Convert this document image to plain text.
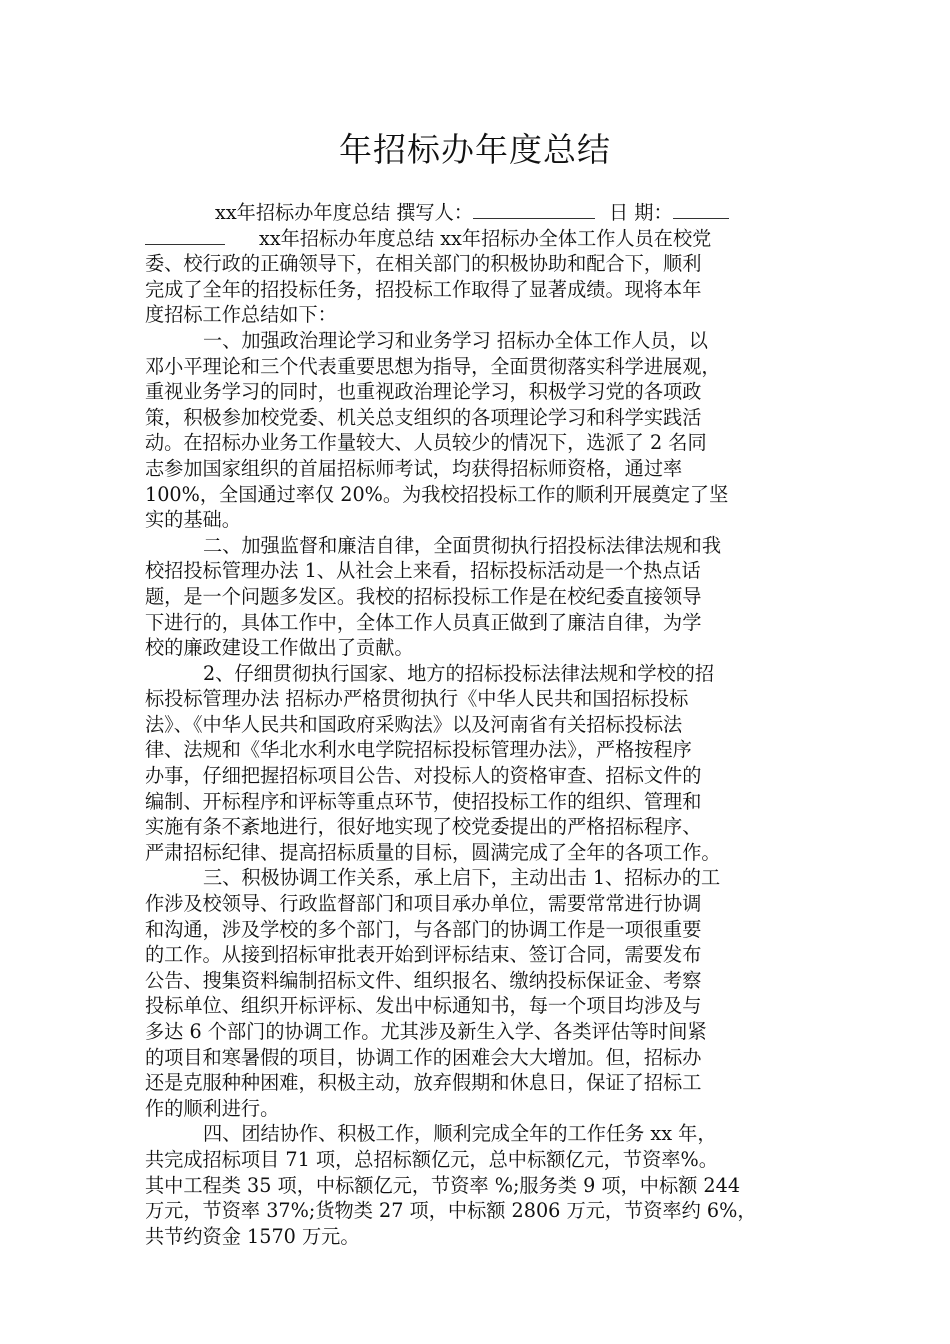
年招标办年度总结
xx年招标办年度总结 撰写人：	日 期：
xx年招标办年度总结 xx年招标办全体工作人员在校党
委、校行政的正确领导下，在相关部门的积极协助和配合下，顺利
完成了全年的招投标任务，招投标工作取得了显著成绩。现将本年
度招标工作总结如下：
一、加强政治理论学习和业务学习 招标办全体工作人员，以
邓小平理论和三个代表重要思想为指导，全面贯彻落实科学进展观，
重视业务学习的同时，也重视政治理论学习，积极学习党的各项政
策，积极参加校党委、机关总支组织的各项理论学习和科学实践活
动。在招标办业务工作量较大、人员较少的情况下，选派了 2 名同
志参加国家组织的首届招标师考试，均获得招标师资格，通过率
100%，全国通过率仅 20%。为我校招投标工作的顺利开展奠定了坚
实的基础。
二、加强监督和廉洁自律，全面贯彻执行招投标法律法规和我
校招投标管理办法 1、从社会上来看，招标投标活动是一个热点话
题，是一个问题多发区。我校的招标投标工作是在校纪委直接领导
下进行的，具体工作中，全体工作人员真正做到了廉洁自律，为学
校的廉政建设工作做出了贡献。
2、仔细贯彻执行国家、地方的招标投标法律法规和学校的招
标投标管理办法 招标办严格贯彻执行《中华人民共和国招标投标
法》、《中华人民共和国政府采购法》以及河南省有关招标投标法
律、法规和《华北水利水电学院招标投标管理办法》，严格按程序
办事，仔细把握招标项目公告、对投标人的资格审查、招标文件的
编制、开标程序和评标等重点环节，使招投标工作的组织、管理和
实施有条不紊地进行，很好地实现了校党委提出的严格招标程序、
严肃招标纪律、提高招标质量的目标，圆满完成了全年的各项工作。
三、积极协调工作关系，承上启下，主动出击 1、招标办的工
作涉及校领导、行政监督部门和项目承办单位，需要常常进行协调
和沟通，涉及学校的多个部门，与各部门的协调工作是一项很重要
的工作。从接到招标审批表开始到评标结束、签订合同，需要发布
公告、搜集资料编制招标文件、组织报名、缴纳投标保证金、考察
投标单位、组织开标评标、发出中标通知书，每一个项目均涉及与
多达 6 个部门的协调工作。尤其涉及新生入学、各类评估等时间紧
的项目和寒暑假的项目，协调工作的困难会大大增加。但，招标办
还是克服种种困难，积极主动，放弃假期和休息日，保证了招标工
作的顺利进行。
四、团结协作、积极工作，顺利完成全年的工作任务 xx 年，
共完成招标项目 71 项，总招标额亿元，总中标额亿元，节资率%。
其中工程类 35 项，中标额亿元，节资率 %;服务类 9 项，中标额 244
万元，节资率 37%;货物类 27 项，中标额 2806 万元，节资率约 6%，
共节约资金 1570 万元。
